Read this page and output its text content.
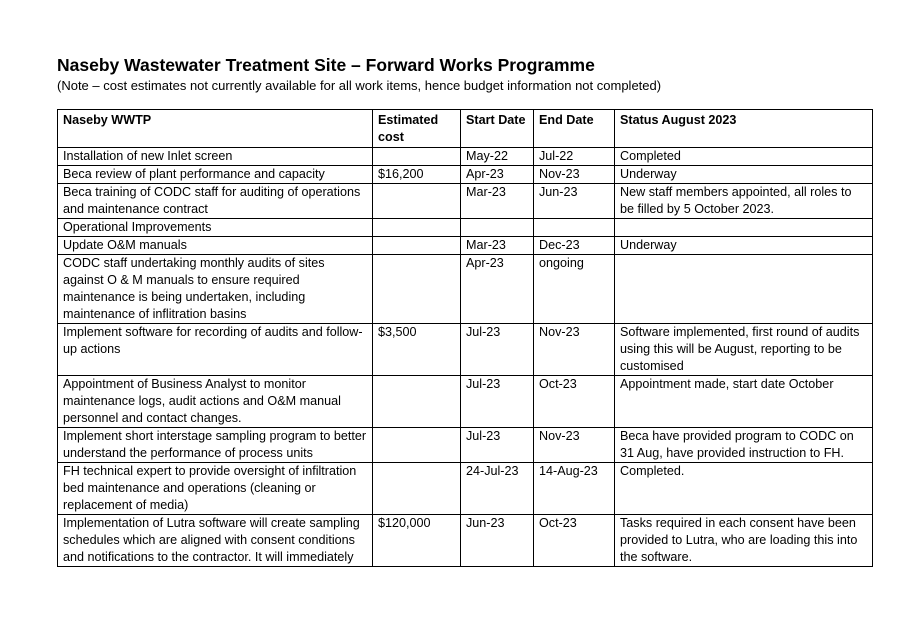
Naseby Wastewater Treatment Site – Forward Works Programme
(Note – cost estimates not currently available for all work items, hence budget information not completed)
Naseby WWTP	Estimated cost	Start Date	End Date	Status August 2023
Installation of new Inlet screen		May-22	Jul-22	Completed
Beca review of plant performance and capacity	$16,200	Apr-23	Nov-23	Underway
Beca training of CODC staff for auditing of operations and maintenance contract		Mar-23	Jun-23	New staff members appointed, all roles to be filled by 5 October 2023.
Operational Improvements				
Update O&M manuals		Mar-23	Dec-23	Underway
CODC staff undertaking monthly audits of sites against O & M manuals to ensure required maintenance is being undertaken, including maintenance of inflitration basins		Apr-23	ongoing	
Implement software for recording of audits and follow-up actions	$3,500	Jul-23	Nov-23	Software implemented, first round of audits using this will be August, reporting to be customised
Appointment of Business Analyst to monitor maintenance logs, audit actions and O&M manual personnel and contact changes.		Jul-23	Oct-23	Appointment made, start date October
Implement short interstage sampling program to better understand the performance of process units		Jul-23	Nov-23	Beca have provided program to CODC on 31 Aug, have provided instruction to FH.
FH technical expert to provide oversight of infiltration bed maintenance and operations (cleaning or replacement of media)		24-Jul-23	14-Aug-23	Completed.
Implementation of Lutra software will create sampling schedules which are aligned with consent conditions and notifications to the contractor. It will immediately	$120,000	Jun-23	Oct-23	Tasks required in each consent have been provided to Lutra, who are loading this into the software.
